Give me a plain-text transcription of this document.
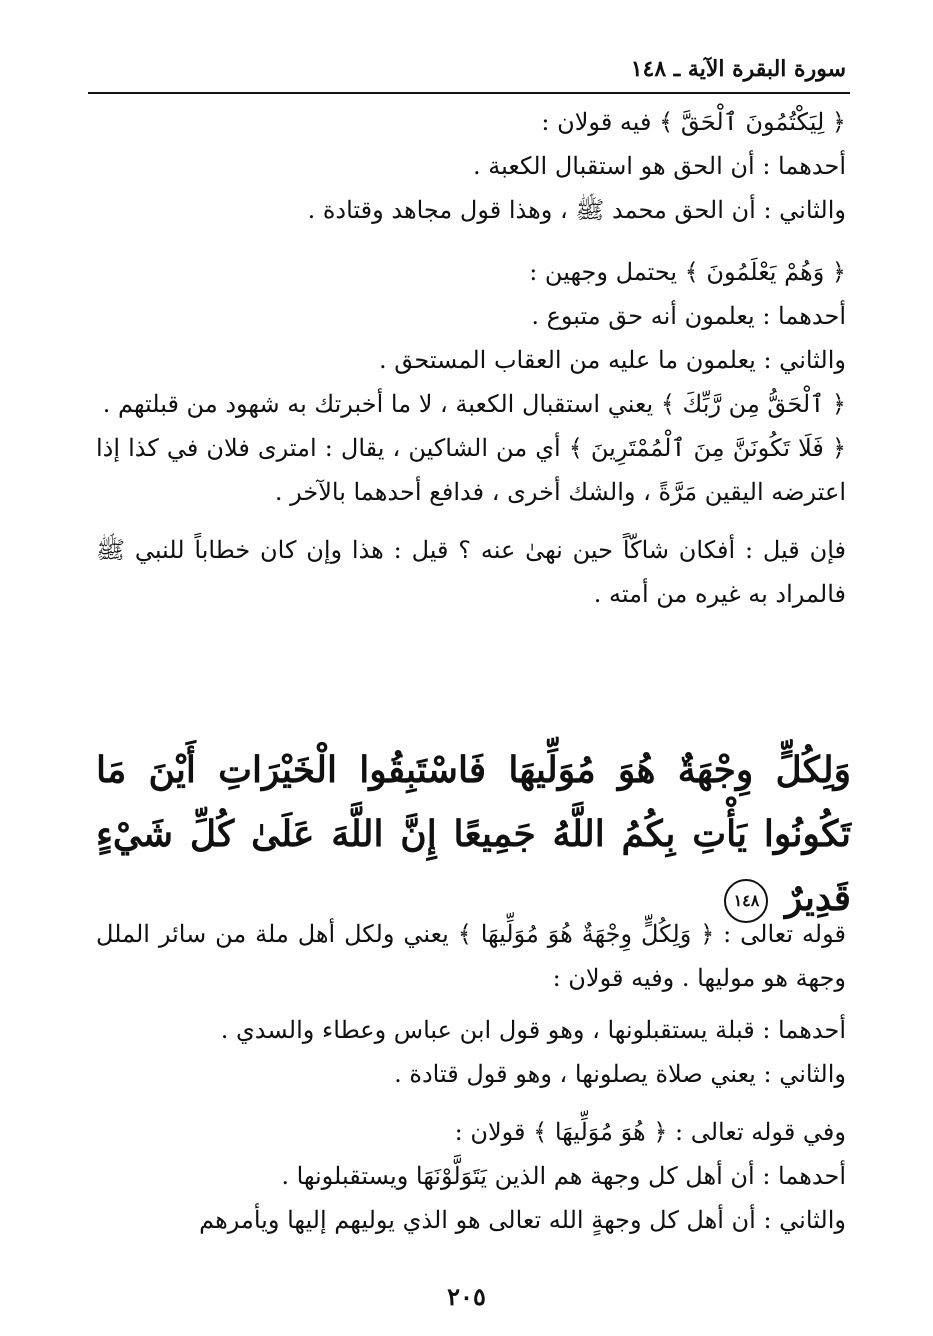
سورة البقرة الآية ـ ١٤٨

﴿ لِيَكْتُمُونَ ٱلْحَقَّ ﴾ فيه قولان :

أحدهما : أن الحق هو استقبال الكعبة .

والثاني : أن الحق محمد ﷺ ، وهذا قول مجاهد وقتادة .

﴿ وَهُمْ يَعْلَمُونَ ﴾ يحتمل وجهين :

أحدهما : يعلمون أنه حق متبوع .

والثاني : يعلمون ما عليه من العقاب المستحق .

﴿ ٱلْحَقُّ مِن رَّبِّكَ ﴾ يعني استقبال الكعبة ، لا ما أخبرتك به شهود من قبلتهم .

﴿ فَلَا تَكُونَنَّ مِنَ ٱلْمُمْتَرِينَ ﴾ أي من الشاكين ، يقال : امترى فلان في كذا إذا اعترضه اليقين مَرَّةً ، والشك أخرى ، فدافع أحدهما بالآخر .

فإن قيل : أفكان شاكّاً حين نهىٰ عنه ؟ قيل : هذا وإن كان خطاباً للنبي ﷺ فالمراد به غيره من أمته .

وَلِكُلٍّ وِجْهَةٌ هُوَ مُوَلِّيهَا فَاسْتَبِقُوا الْخَيْرَاتِ أَيْنَ مَا تَكُونُوا يَأْتِ بِكُمُ اللَّهُ جَمِيعًا إِنَّ اللَّهَ عَلَىٰ كُلِّ شَيْءٍ قَدِيرٌ ١٤٨

قوله تعالى : ﴿ وَلِكُلٍّ وِجْهَةٌ هُوَ مُوَلِّيهَا ﴾ يعني ولكل أهل ملة من سائر الملل وجهة هو موليها . وفيه قولان :

أحدهما : قبلة يستقبلونها ، وهو قول ابن عباس وعطاء والسدي .

والثاني : يعني صلاة يصلونها ، وهو قول قتادة .

وفي قوله تعالى : ﴿ هُوَ مُوَلِّيهَا ﴾ قولان :

أحدهما : أن أهل كل وجهة هم الذين يَتَوَلَّوْنَهَا ويستقبلونها .

والثاني : أن أهل كل وجهةٍ الله تعالى هو الذي يوليهم إليها ويأمرهم

٢٠٥
